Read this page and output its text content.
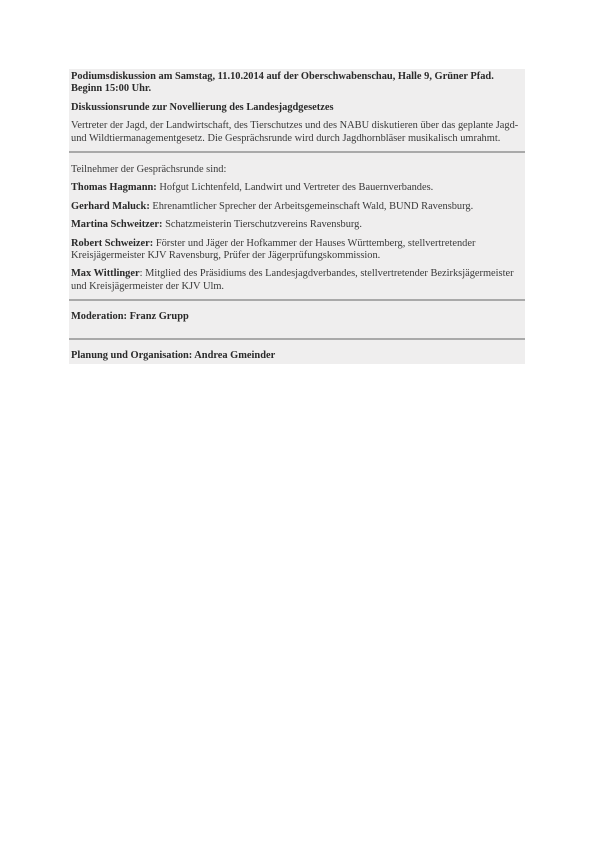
Podiumsdiskussion am Samstag, 11.10.2014 auf der Oberschwabenschau, Halle 9, Grüner Pfad. Beginn 15:00 Uhr.

Diskussionsrunde zur Novellierung des Landesjagdgesetzes

Vertreter der Jagd, der Landwirtschaft, des Tierschutzes und des NABU diskutieren über das geplante Jagd- und Wildtiermanagementgesetz. Die Gesprächsrunde wird durch Jagdhornbläser musikalisch umrahmt.

Teilnehmer der Gesprächsrunde sind:

Thomas Hagmann: Hofgut Lichtenfeld, Landwirt und Vertreter des Bauernverbandes.

Gerhard Maluck: Ehrenamtlicher Sprecher der Arbeitsgemeinschaft Wald, BUND Ravensburg.

Martina Schweitzer: Schatzmeisterin Tierschutzvereins Ravensburg.

Robert Schweizer: Förster und Jäger der Hofkammer der Hauses Württemberg, stellvertretender Kreisjägermeister KJV Ravensburg, Prüfer der Jägerprüfungskommission.

Max Wittlinger: Mitglied des Präsidiums des Landesjagdverbandes, stellvertretender Bezirksjägermeister und Kreisjägermeister der KJV Ulm.

Moderation: Franz Grupp

Planung und Organisation: Andrea Gmeinder
